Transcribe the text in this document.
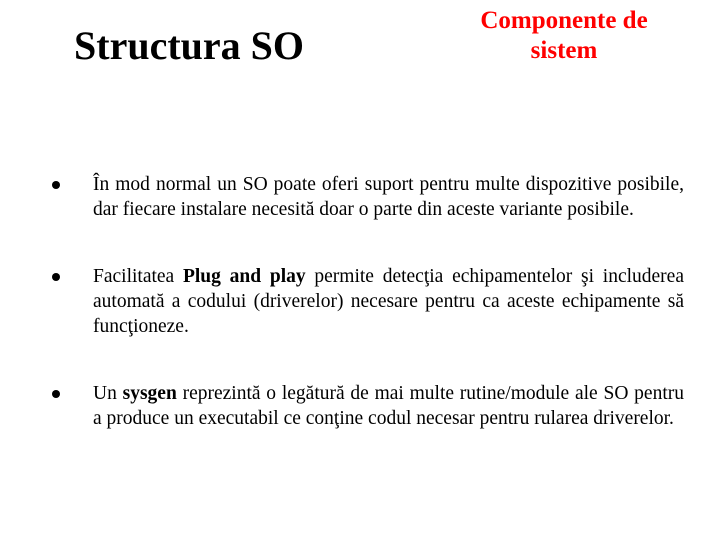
Structura SO
Componente de sistem
În mod normal un SO poate oferi suport pentru multe dispozitive posibile, dar fiecare instalare necesită doar o parte din aceste variante posibile.
Facilitatea Plug and play permite detecţia echipamentelor şi includerea automată a codului (driverelor) necesare pentru ca aceste echipamente să funcţioneze.
Un sysgen reprezintă o legătură de mai multe rutine/module ale SO pentru a produce un executabil ce conţine codul necesar pentru rularea driverelor.
